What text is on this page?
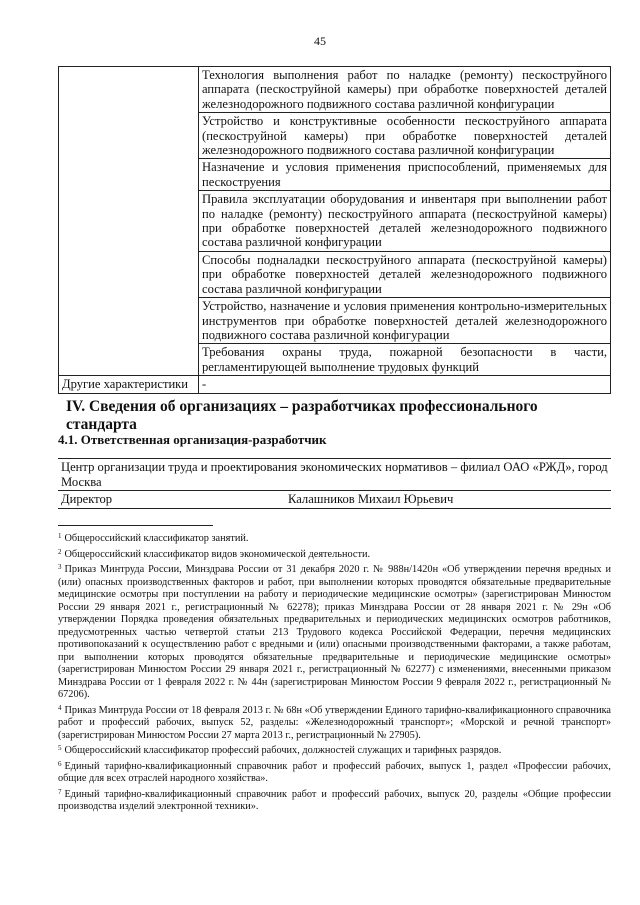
45
	Технология выполнения работ по наладке (ремонту) пескоструйного аппарата (пескоструйной камеры) при обработке поверхностей деталей железнодорожного подвижного состава различной конфигурации
	Устройство и конструктивные особенности пескоструйного аппарата (пескоструйной камеры) при обработке поверхностей деталей железнодорожного подвижного состава различной конфигурации
	Назначение и условия применения приспособлений, применяемых для пескоструения
	Правила эксплуатации оборудования и инвентаря при выполнении работ по наладке (ремонту) пескоструйного аппарата (пескоструйной камеры) при обработке поверхностей деталей железнодорожного подвижного состава различной конфигурации
	Способы подналадки пескоструйного аппарата (пескоструйной камеры) при обработке поверхностей деталей железнодорожного подвижного состава различной конфигурации
	Устройство, назначение и условия применения контрольно-измерительных инструментов при обработке поверхностей деталей железнодорожного подвижного состава различной конфигурации
	Требования охраны труда, пожарной безопасности в части, регламентирующей выполнение трудовых функций
Другие характеристики	-
IV. Сведения об организациях – разработчиках профессионального стандарта
4.1. Ответственная организация-разработчик
Центр организации труда и проектирования экономических нормативов – филиал ОАО «РЖД», город Москва
Директор	Калашников Михаил Юрьевич

$^1$ Общероссийский классификатор занятий.

$^2$ Общероссийский классификатор видов экономической деятельности.

$^3$ Приказ Минтруда России, Минздрава России от 31 декабря 2020 г. № 988н/1420н «Об утверждении перечня вредных и (или) опасных производственных факторов и работ, при выполнении которых проводятся обязательные предварительные медицинские осмотры при поступлении на работу и периодические медицинские осмотры» (зарегистрирован Минюстом России 29 января 2021 г., регистрационный № 62278); приказ Минздрава России от 28 января 2021 г. № 29н «Об утверждении Порядка проведения обязательных предварительных и периодических медицинских осмотров работников, предусмотренных частью четвертой статьи 213 Трудового кодекса Российской Федерации, перечня медицинских противопоказаний к осуществлению работ с вредными и (или) опасными производственными факторами, а также работам, при выполнении которых проводятся обязательные предварительные и периодические медицинские осмотры» (зарегистрирован Минюстом России 29 января 2021 г., регистрационный № 62277) с изменениями, внесенными приказом Минздрава России от 1 февраля 2022 г. № 44н (зарегистрирован Минюстом России 9 февраля 2022 г., регистрационный № 67206).

$^4$ Приказ Минтруда России от 18 февраля 2013 г. № 68н «Об утверждении Единого тарифно-квалификационного справочника работ и профессий рабочих, выпуск 52, разделы: «Железнодорожный транспорт»; «Морской и речной транспорт» (зарегистрирован Минюстом России 27 марта 2013 г., регистрационный № 27905).

$^5$ Общероссийский классификатор профессий рабочих, должностей служащих и тарифных разрядов.

$^6$ Единый тарифно-квалификационный справочник работ и профессий рабочих, выпуск 1, раздел «Профессии рабочих, общие для всех отраслей народного хозяйства».

$^7$ Единый тарифно-квалификационный справочник работ и профессий рабочих, выпуск 20, разделы «Общие профессии производства изделий электронной техники».
